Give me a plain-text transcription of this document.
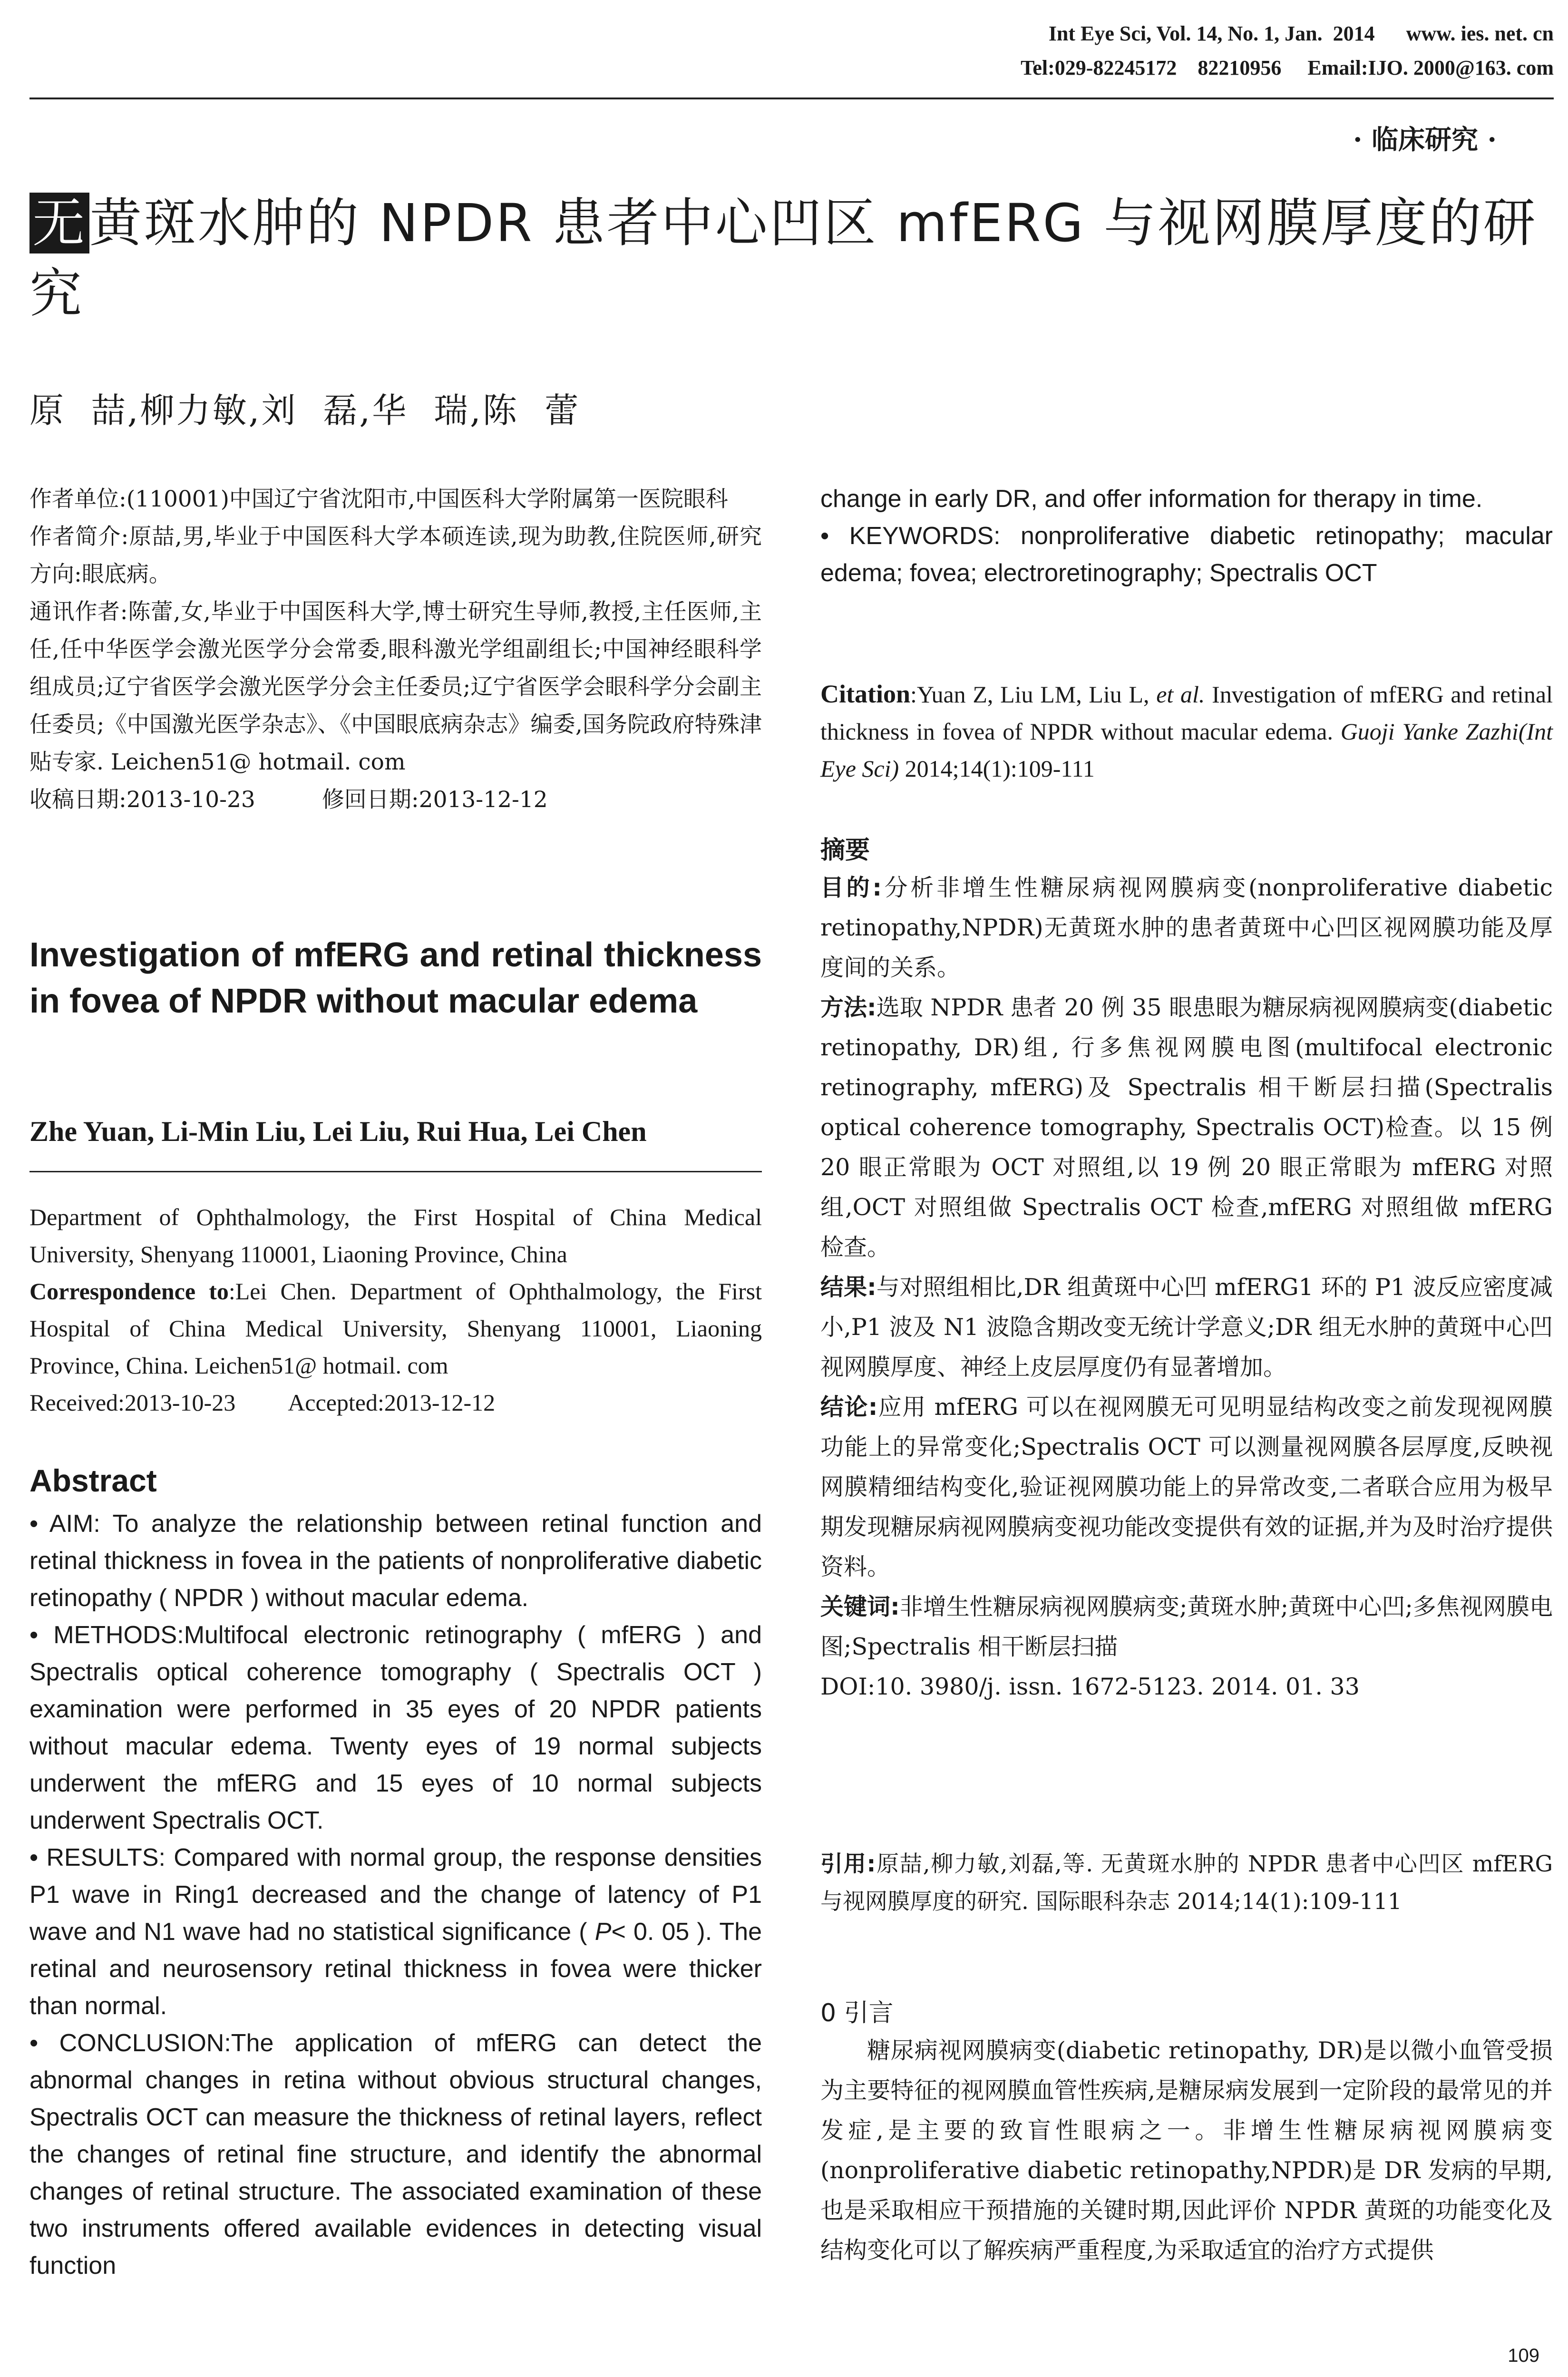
Int Eye Sci, Vol. 14, No. 1, Jan.  2014      www. ies. net. cn
Tel:029-82245172    82210956     Email:IJO. 2000@163. com
· 临床研究 ·
无黄斑水肿的 NPDR 患者中心凹区 mfERG 与视网膜厚度的研究
原  喆,柳力敏,刘  磊,华  瑞,陈  蕾

作者单位:(110001)中国辽宁省沈阳市,中国医科大学附属第一医院眼科

作者简介:原喆,男,毕业于中国医科大学本硕连读,现为助教,住院医师,研究方向:眼底病。

通讯作者:陈蕾,女,毕业于中国医科大学,博士研究生导师,教授,主任医师,主任,任中华医学会激光医学分会常委,眼科激光学组副组长;中国神经眼科学组成员;辽宁省医学会激光医学分会主任委员;辽宁省医学会眼科学分会副主任委员;《中国激光医学杂志》、《中国眼底病杂志》编委,国务院政府特殊津贴专家. Leichen51@ hotmail. com

收稿日期:2013-10-23	修回日期:2013-12-12

Investigation of mfERG and retinal thickness in fovea of NPDR without macular edema
Zhe Yuan, Li-Min Liu, Lei Liu, Rui Hua, Lei Chen

Department of Ophthalmology, the First Hospital of China Medical University, Shenyang 110001, Liaoning Province, China

Correspondence to:Lei Chen. Department of Ophthalmology, the First Hospital of China Medical University, Shenyang 110001, Liaoning Province, China. Leichen51@ hotmail. com

Received:2013-10-23 Accepted:2013-12-12

Abstract

• AIM: To analyze the relationship between retinal function and retinal thickness in fovea in the patients of nonproliferative diabetic retinopathy ( NPDR ) without macular edema.

• METHODS:Multifocal electronic retinography ( mfERG ) and Spectralis optical coherence tomography ( Spectralis OCT ) examination were performed in 35 eyes of 20 NPDR patients without macular edema. Twenty eyes of 19 normal subjects underwent the mfERG and 15 eyes of 10 normal subjects underwent Spectralis OCT.

• RESULTS: Compared with normal group, the response densities P1 wave in Ring1 decreased and the change of latency of P1 wave and N1 wave had no statistical significance ( P< 0. 05 ). The retinal and neurosensory retinal thickness in fovea were thicker than normal.

• CONCLUSION:The application of mfERG can detect the abnormal changes in retina without obvious structural changes, Spectralis OCT can measure the thickness of retinal layers, reflect the changes of retinal fine structure, and identify the abnormal changes of retinal structure. The associated examination of these two instruments offered available evidences in detecting visual function

change in early DR, and offer information for therapy in time.

• KEYWORDS: nonproliferative diabetic retinopathy; macular edema; fovea; electroretinography; Spectralis OCT

Citation:Yuan Z, Liu LM, Liu L, et al. Investigation of mfERG and retinal thickness in fovea of NPDR without macular edema. Guoji Yanke Zazhi(Int Eye Sci) 2014;14(1):109-111
摘要

目的:分析非增生性糖尿病视网膜病变(nonproliferative diabetic retinopathy,NPDR)无黄斑水肿的患者黄斑中心凹区视网膜功能及厚度间的关系。

方法:选取 NPDR 患者 20 例 35 眼患眼为糖尿病视网膜病变(diabetic retinopathy, DR)组, 行多焦视网膜电图(multifocal electronic retinography, mfERG)及 Spectralis 相干断层扫描(Spectralis optical coherence tomography, Spectralis OCT)检查。以 15 例 20 眼正常眼为 OCT 对照组,以 19 例 20 眼正常眼为 mfERG 对照组,OCT 对照组做 Spectralis OCT 检查,mfERG 对照组做 mfERG 检查。

结果:与对照组相比,DR 组黄斑中心凹 mfERG1 环的 P1 波反应密度减小,P1 波及 N1 波隐含期改变无统计学意义;DR 组无水肿的黄斑中心凹视网膜厚度、神经上皮层厚度仍有显著增加。

结论:应用 mfERG 可以在视网膜无可见明显结构改变之前发现视网膜功能上的异常变化;Spectralis OCT 可以测量视网膜各层厚度,反映视网膜精细结构变化,验证视网膜功能上的异常改变,二者联合应用为极早期发现糖尿病视网膜病变视功能改变提供有效的证据,并为及时治疗提供资料。

关键词:非增生性糖尿病视网膜病变;黄斑水肿;黄斑中心凹;多焦视网膜电图;Spectralis 相干断层扫描

DOI:10. 3980/j. issn. 1672-5123. 2014. 01. 33

引用:原喆,柳力敏,刘磊,等. 无黄斑水肿的 NPDR 患者中心凹区 mfERG 与视网膜厚度的研究. 国际眼科杂志 2014;14(1):109-111
0 引言
糖尿病视网膜病变(diabetic retinopathy, DR)是以微小血管受损为主要特征的视网膜血管性疾病,是糖尿病发展到一定阶段的最常见的并发症,是主要的致盲性眼病之一。非增生性糖尿病视网膜病变(nonproliferative diabetic retinopathy,NPDR)是 DR 发病的早期,也是采取相应干预措施的关键时期,因此评价 NPDR 黄斑的功能变化及结构变化可以了解疾病严重程度,为采取适宜的治疗方式提供
109
